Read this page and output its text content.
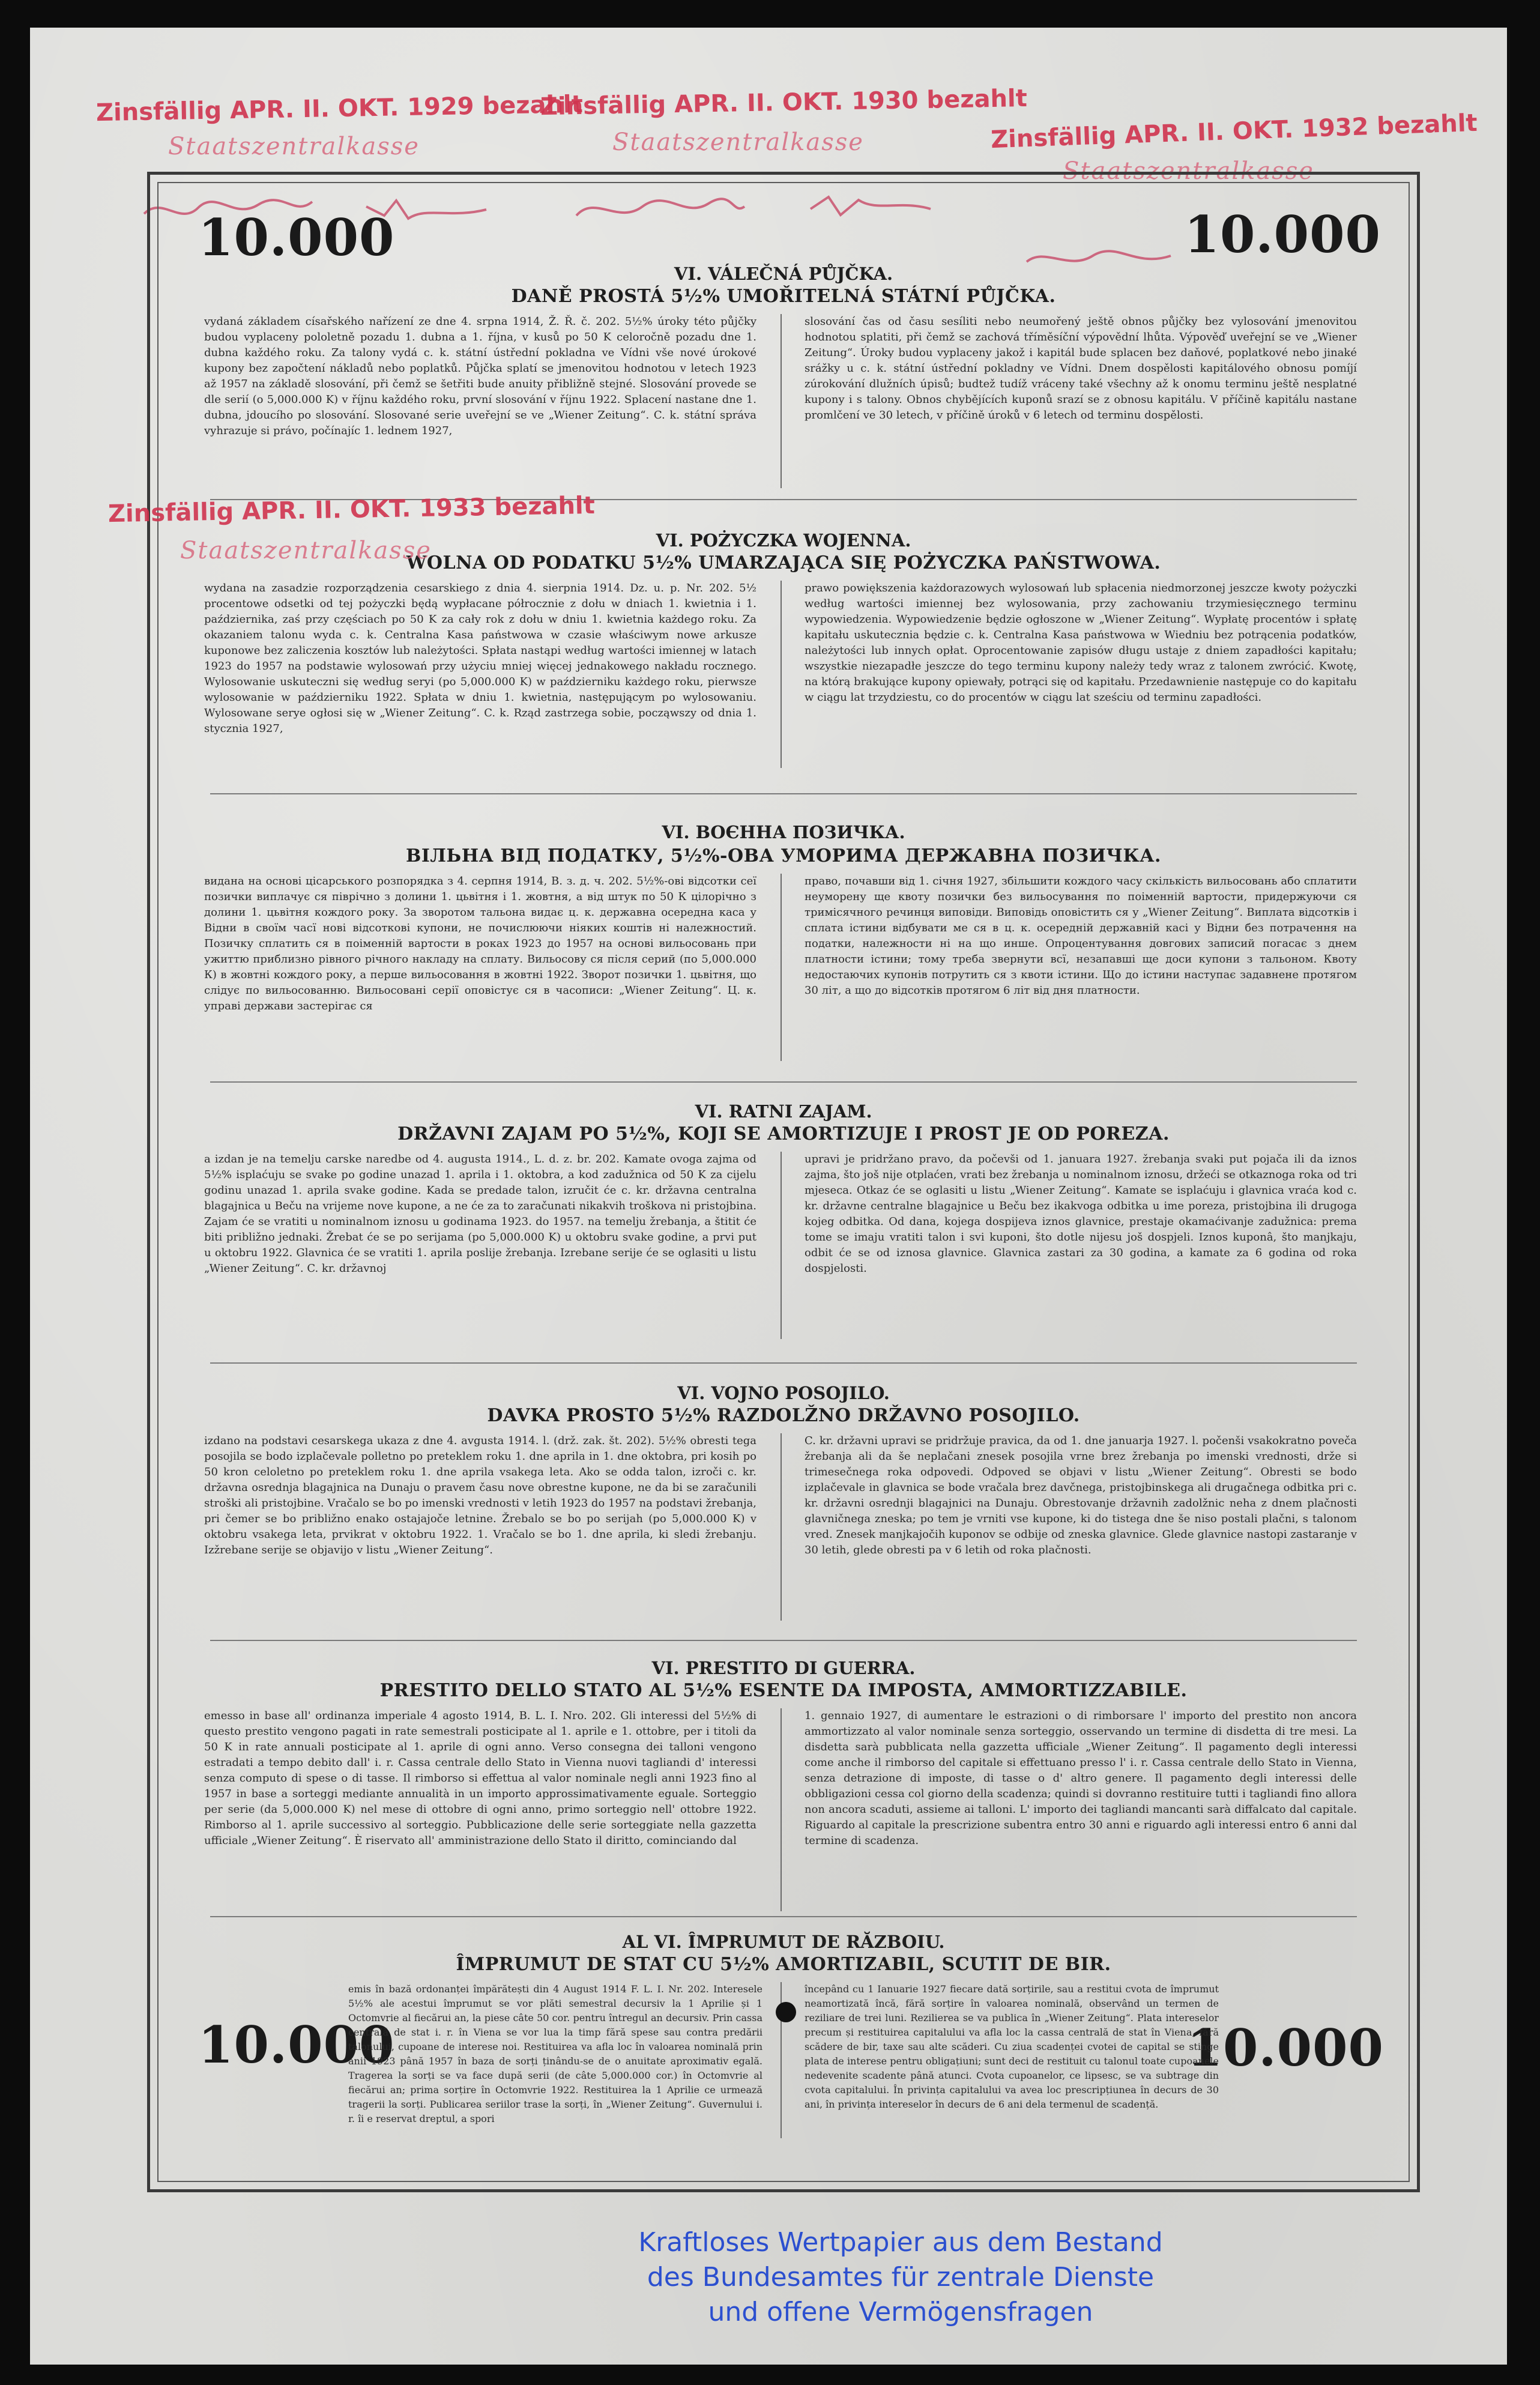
Zinsfällig APR. II. OKT. 1929 bezahlt
Staatszentralkasse
Zinsfällig APR. II. OKT. 1930 bezahlt
Staatszentralkasse	Zinsfällig APR. II. OKT. 1932 bezahlt
Staatszentralkasse
10.000	10.000
10.000	10.000
VI. VÁLEČNÁ PŮJČKA.
DANĚ PROSTÁ 5½% UMOŘITELNÁ STÁTNÍ PŮJČKA.
vydaná základem císařského nařízení ze dne 4. srpna 1914, Ž. Ř. č. 202. 5½% úroky této půjčky budou vyplaceny pololetně pozadu 1. dubna a 1. října, v kusů po 50 K celoročně pozadu dne 1. dubna každého roku. Za talony vydá c. k. státní ústřední pokladna ve Vídni vše nové úrokové kupony bez započtení nákladů nebo poplatků. Půjčka splatí se jmenovitou hodnotou v letech 1923 až 1957 na základě slosování, při čemž se šetřiti bude anuity přibližně stejné. Slosování provede se dle serií (o 5,000.000 K) v říjnu každého roku, první slosování v říjnu 1922. Splacení nastane dne 1. dubna, jdoucího po slosování. Slosované serie uveřejní se ve „Wiener Zeitung“. C. k. státní správa vyhrazuje si právo, počínajíc 1. lednem 1927,
slosování čas od času sesíliti nebo neumořený ještě obnos půjčky bez vylosování jmenovitou hodnotou splatiti, při čemž se zachová tříměsíční výpovědní lhůta. Výpověď uveřejní se ve „Wiener Zeitung“. Úroky budou vyplaceny jakož i kapitál bude splacen bez daňové, poplatkové nebo jinaké srážky u c. k. státní ústřední pokladny ve Vídni. Dnem dospělosti kapitálového obnosu pomíjí zúrokování dlužních úpisů; budtež tudíž vráceny také všechny až k onomu terminu ještě nesplatné kupony i s talony. Obnos chybějících kuponů srazí se z obnosu kapitálu. V příčině kapitálu nastane promlčení ve 30 letech, v příčině úroků v 6 letech od terminu dospělosti.
VI. POŻYCZKA WOJENNA.
WOLNA OD PODATKU 5½% UMARZAJĄCA SIĘ POŻYCZKA PAŃSTWOWA.
wydana na zasadzie rozporządzenia cesarskiego z dnia 4. sierpnia 1914. Dz. u. p. Nr. 202. 5½ procentowe odsetki od tej pożyczki będą wypłacane półrocznie z dołu w dniach 1. kwietnia i 1. października, zaś przy częściach po 50 K za cały rok z dołu w dniu 1. kwietnia każdego roku. Za okazaniem talonu wyda c. k. Centralna Kasa państwowa w czasie właściwym nowe arkusze kuponowe bez zaliczenia kosztów lub należytości. Spłata nastąpi według wartości imiennej w latach 1923 do 1957 na podstawie wylosowań przy użyciu mniej więcej jednakowego nakładu rocznego. Wylosowanie uskuteczni się według seryi (po 5,000.000 K) w październiku każdego roku, pierwsze wylosowanie w październiku 1922. Spłata w dniu 1. kwietnia, następującym po wylosowaniu. Wylosowane serye ogłosi się w „Wiener Zeitung“. C. k. Rząd zastrzega sobie, począwszy od dnia 1. stycznia 1927,
prawo powiększenia każdorazowych wylosowań lub spłacenia niedmorzonej jeszcze kwoty pożyczki według wartości imiennej bez wylosowania, przy zachowaniu trzymiesięcznego terminu wypowiedzenia. Wypowiedzenie będzie ogłoszone w „Wiener Zeitung“. Wypłatę procentów i spłatę kapitału uskutecznia będzie c. k. Centralna Kasa państwowa w Wiedniu bez potrącenia podatków, należytości lub innych opłat. Oprocentowanie zapisów długu ustaje z dniem zapadłości kapitału; wszystkie niezapadłe jeszcze do tego terminu kupony należy tedy wraz z talonem zwrócić. Kwotę, na którą brakujące kupony opiewały, potrąci się od kapitału. Przedawnienie następuje co do kapitału w ciągu lat trzydziestu, co do procentów w ciągu lat sześciu od terminu zapadłości.
VI. ВОЄННА ПОЗИЧКА.
ВІЛЬНА ВІД ПОДАТКУ, 5½%-ОВА УМОРИМА ДЕРЖАВНА ПОЗИЧКА.
видана на основі цісарського розпорядка з 4. серпня 1914, В. з. д. ч. 202. 5½%-ові відсотки сеї позички виплачує ся піврічно з долини 1. цьвітня і 1. жовтня, а від штук по 50 К цілорічно з долини 1. цьвітня кождого року. За зворотом тальона видає ц. к. державна осередна каса у Відни в своїм часї нові відсоткові купони, не почислюючи ніяких коштів ні належностий. Позичку сплатить ся в поіменній вартости в роках 1923 до 1957 на основі вильосовань при ужиттю приблизно рівного річного накладу на сплату. Вильосову ся після серий (по 5,000.000 К) в жовтні кождого року, а перше вильосовання в жовтні 1922. Зворот позички 1. цьвітня, що слідує по вильосованню. Вильосовані серії оповістує ся в часописи: „Wiener Zeitung“. Ц. к. управі держави застерігає ся
право, почавши від 1. січня 1927, збільшити кождого часу скількість вильосовань або сплатити неуморену ще квоту позички без вильосування по поіменній вартости, придержуючи ся тримісячного речинця виповіди. Виповідь оповістить ся у „Wiener Zeitung“. Виплата відсотків і сплата істини відбувати ме ся в ц. к. осередній державній касі у Відни без потрачення на податки, належности ні на що инше. Опроцентування довгових записий погасає з днем платности істини; тому треба звернути всї, незапавші ще доси купони з тальоном. Квоту недостаючих купонів потрутить ся з квоти істини. Що до істини наступає задавнене протягом 30 літ, а що до відсотків протягом 6 літ від дня платности.
VI. RATNI ZAJAM.
DRŽAVNI ZAJAM PO 5½%, KOJI SE AMORTIZUJE I PROST JE OD POREZA.
a izdan je na temelju carske naredbe od 4. augusta 1914., L. d. z. br. 202. Kamate ovoga zajma od 5½% isplaćuju se svake po godine unazad 1. aprila i 1. oktobra, a kod zadužnica od 50 K za cijelu godinu unazad 1. aprila svake godine. Kada se predade talon, izručit će c. kr. državna centralna blagajnica u Beču na vrijeme nove kupone, a ne će za to zaračunati nikakvih troškova ni pristojbina. Zajam će se vratiti u nominalnom iznosu u godinama 1923. do 1957. na temelju žrebanja, a štitit će biti približno jednaki. Žrebat će se po serijama (po 5,000.000 K) u oktobru svake godine, a prvi put u oktobru 1922. Glavnica će se vratiti 1. aprila poslije žrebanja. Izrebane serije će se oglasiti u listu „Wiener Zeitung“. C. kr. državnoj
upravi je pridržano pravo, da počevši od 1. januara 1927. žrebanja svaki put pojača ili da iznos zajma, što još nije otplaćen, vrati bez žrebanja u nominalnom iznosu, držeći se otkaznoga roka od tri mjeseca. Otkaz će se oglasiti u listu „Wiener Zeitung“. Kamate se isplaćuju i glavnica vraća kod c. kr. državne centralne blagajnice u Beču bez ikakvoga odbitka u ime poreza, pristojbina ili drugoga kojeg odbitka. Od dana, kojega dospijeva iznos glavnice, prestaje okamaćivanje zadužnica: prema tome se imaju vratiti talon i svi kuponi, što dotle nijesu još dospjeli. Iznos kuponâ, što manjkaju, odbit će se od iznosa glavnice. Glavnica zastari za 30 godina, a kamate za 6 godina od roka dospjelosti.
VI. VOJNO POSOJILO.
DAVKA PROSTO 5½% RAZDOLŽNO DRŽAVNO POSOJILO.
izdano na podstavi cesarskega ukaza z dne 4. avgusta 1914. l. (drž. zak. št. 202). 5½% obresti tega posojila se bodo izplačevale polletno po preteklem roku 1. dne aprila in 1. dne oktobra, pri kosih po 50 kron celoletno po preteklem roku 1. dne aprila vsakega leta. Ako se odda talon, izroči c. kr. državna osrednja blagajnica na Dunaju o pravem času nove obrestne kupone, ne da bi se zaračunili stroški ali pristojbine. Vračalo se bo po imenski vrednosti v letih 1923 do 1957 na podstavi žrebanja, pri čemer se bo približno enako ostajajoče letnine. Žrebalo se bo po serijah (po 5,000.000 K) v oktobru vsakega leta, prvikrat v oktobru 1922. 1. Vračalo se bo 1. dne aprila, ki sledi žrebanju. Izžrebane serije se objavijo v listu „Wiener Zeitung“.
C. kr. državni upravi se pridržuje pravica, da od 1. dne januarja 1927. l. počenši vsakokratno poveča žrebanja ali da še neplačani znesek posojila vrne brez žrebanja po imenski vrednosti, drže si trimesečnega roka odpovedi. Odpoved se objavi v listu „Wiener Zeitung“. Obresti se bodo izplačevale in glavnica se bode vračala brez davčnega, pristojbinskega ali drugačnega odbitka pri c. kr. državni osrednji blagajnici na Dunaju. Obrestovanje državnih zadolžnic neha z dnem plačnosti glavničnega zneska; po tem je vrniti vse kupone, ki do tistega dne še niso postali plačni, s talonom vred. Znesek manjkajočih kuponov se odbije od zneska glavnice. Glede glavnice nastopi zastaranje v 30 letih, glede obresti pa v 6 letih od roka plačnosti.
VI. PRESTITO DI GUERRA.
PRESTITO DELLO STATO AL 5½% ESENTE DA IMPOSTA, AMMORTIZZABILE.
emesso in base all' ordinanza imperiale 4 agosto 1914, B. L. I. Nro. 202. Gli interessi del 5½% di questo prestito vengono pagati in rate semestrali posticipate al 1. aprile e 1. ottobre, per i titoli da 50 K in rate annuali posticipate al 1. aprile di ogni anno. Verso consegna dei talloni vengono estradati a tempo debito dall' i. r. Cassa centrale dello Stato in Vienna nuovi tagliandi d' interessi senza computo di spese o di tasse. Il rimborso si effettua al valor nominale negli anni 1923 fino al 1957 in base a sorteggi mediante annualità in un importo approssimativamente eguale. Sorteggio per serie (da 5,000.000 K) nel mese di ottobre di ogni anno, primo sorteggio nell' ottobre 1922. Rimborso al 1. aprile successivo al sorteggio. Pubblicazione delle serie sorteggiate nella gazzetta ufficiale „Wiener Zeitung“. È riservato all' amministrazione dello Stato il diritto, cominciando dal
1. gennaio 1927, di aumentare le estrazioni o di rimborsare l' importo del prestito non ancora ammortizzato al valor nominale senza sorteggio, osservando un termine di disdetta di tre mesi. La disdetta sarà pubblicata nella gazzetta ufficiale „Wiener Zeitung“. Il pagamento degli interessi come anche il rimborso del capitale si effettuano presso l' i. r. Cassa centrale dello Stato in Vienna, senza detrazione di imposte, di tasse o d' altro genere. Il pagamento degli interessi delle obbligazioni cessa col giorno della scadenza; quindi si dovranno restituire tutti i tagliandi fino allora non ancora scaduti, assieme ai talloni. L' importo dei tagliandi mancanti sarà diffalcato dal capitale. Riguardo al capitale la prescrizione subentra entro 30 anni e riguardo agli interessi entro 6 anni dal termine di scadenza.
AL VI. ÎMPRUMUT DE RĂZBOIU.
ÎMPRUMUT DE STAT CU 5½% AMORTIZABIL, SCUTIT DE BIR.
emis în bază ordonanței împărătești din 4 August 1914 F. L. I. Nr. 202. Interesele 5½% ale acestui împrumut se vor plăti semestral decursiv la 1 Aprilie și 1 Octomvrie al fiecărui an, la piese câte 50 cor. pentru întregul an decursiv. Prin cassa centrală de stat i. r. în Viena se vor lua la timp fără spese sau contra predării talonului, cupoane de interese noi. Restituirea va afla loc în valoarea nominală prin anii 1923 până 1957 în baza de sorți ținându-se de o anuitate aproximativ egală. Tragerea la sorți se va face după serii (de câte 5,000.000 cor.) în Octomvrie al fiecărui an; prima sorțire în Octomvrie 1922. Restituirea la 1 Aprilie ce urmează tragerii la sorți. Publicarea seriilor trase la sorți, în „Wiener Zeitung“. Guvernului i. r. îi e reservat dreptul, a spori
începând cu 1 Ianuarie 1927 fiecare dată sorțirile, sau a restitui cvota de împrumut neamortizată încă, fără sorțire în valoarea nominală, observând un termen de reziliare de trei luni. Rezilierea se va publica în „Wiener Zeitung“. Plata intereselor precum și restituirea capitalului va afla loc la cassa centrală de stat în Viena, fără scădere de bir, taxe sau alte scăderi. Cu ziua scadenței cvotei de capital se stinge plata de interese pentru obligațiuni; sunt deci de restituit cu talonul toate cupoanele nedevenite scadente până atunci. Cvota cupoanelor, ce lipsesc, se va subtrage din cvota capitalului. În privința capitalului va avea loc prescripțiunea în decurs de 30 ani, în privința intereselor în decurs de 6 ani dela termenul de scadență.
Zinsfällig APR. II. OKT. 1933 bezahlt
Staatszentralkasse
Kraftloses Wertpapier aus dem Bestand
des Bundesamtes für zentrale Dienste
und offene Vermögensfragen
